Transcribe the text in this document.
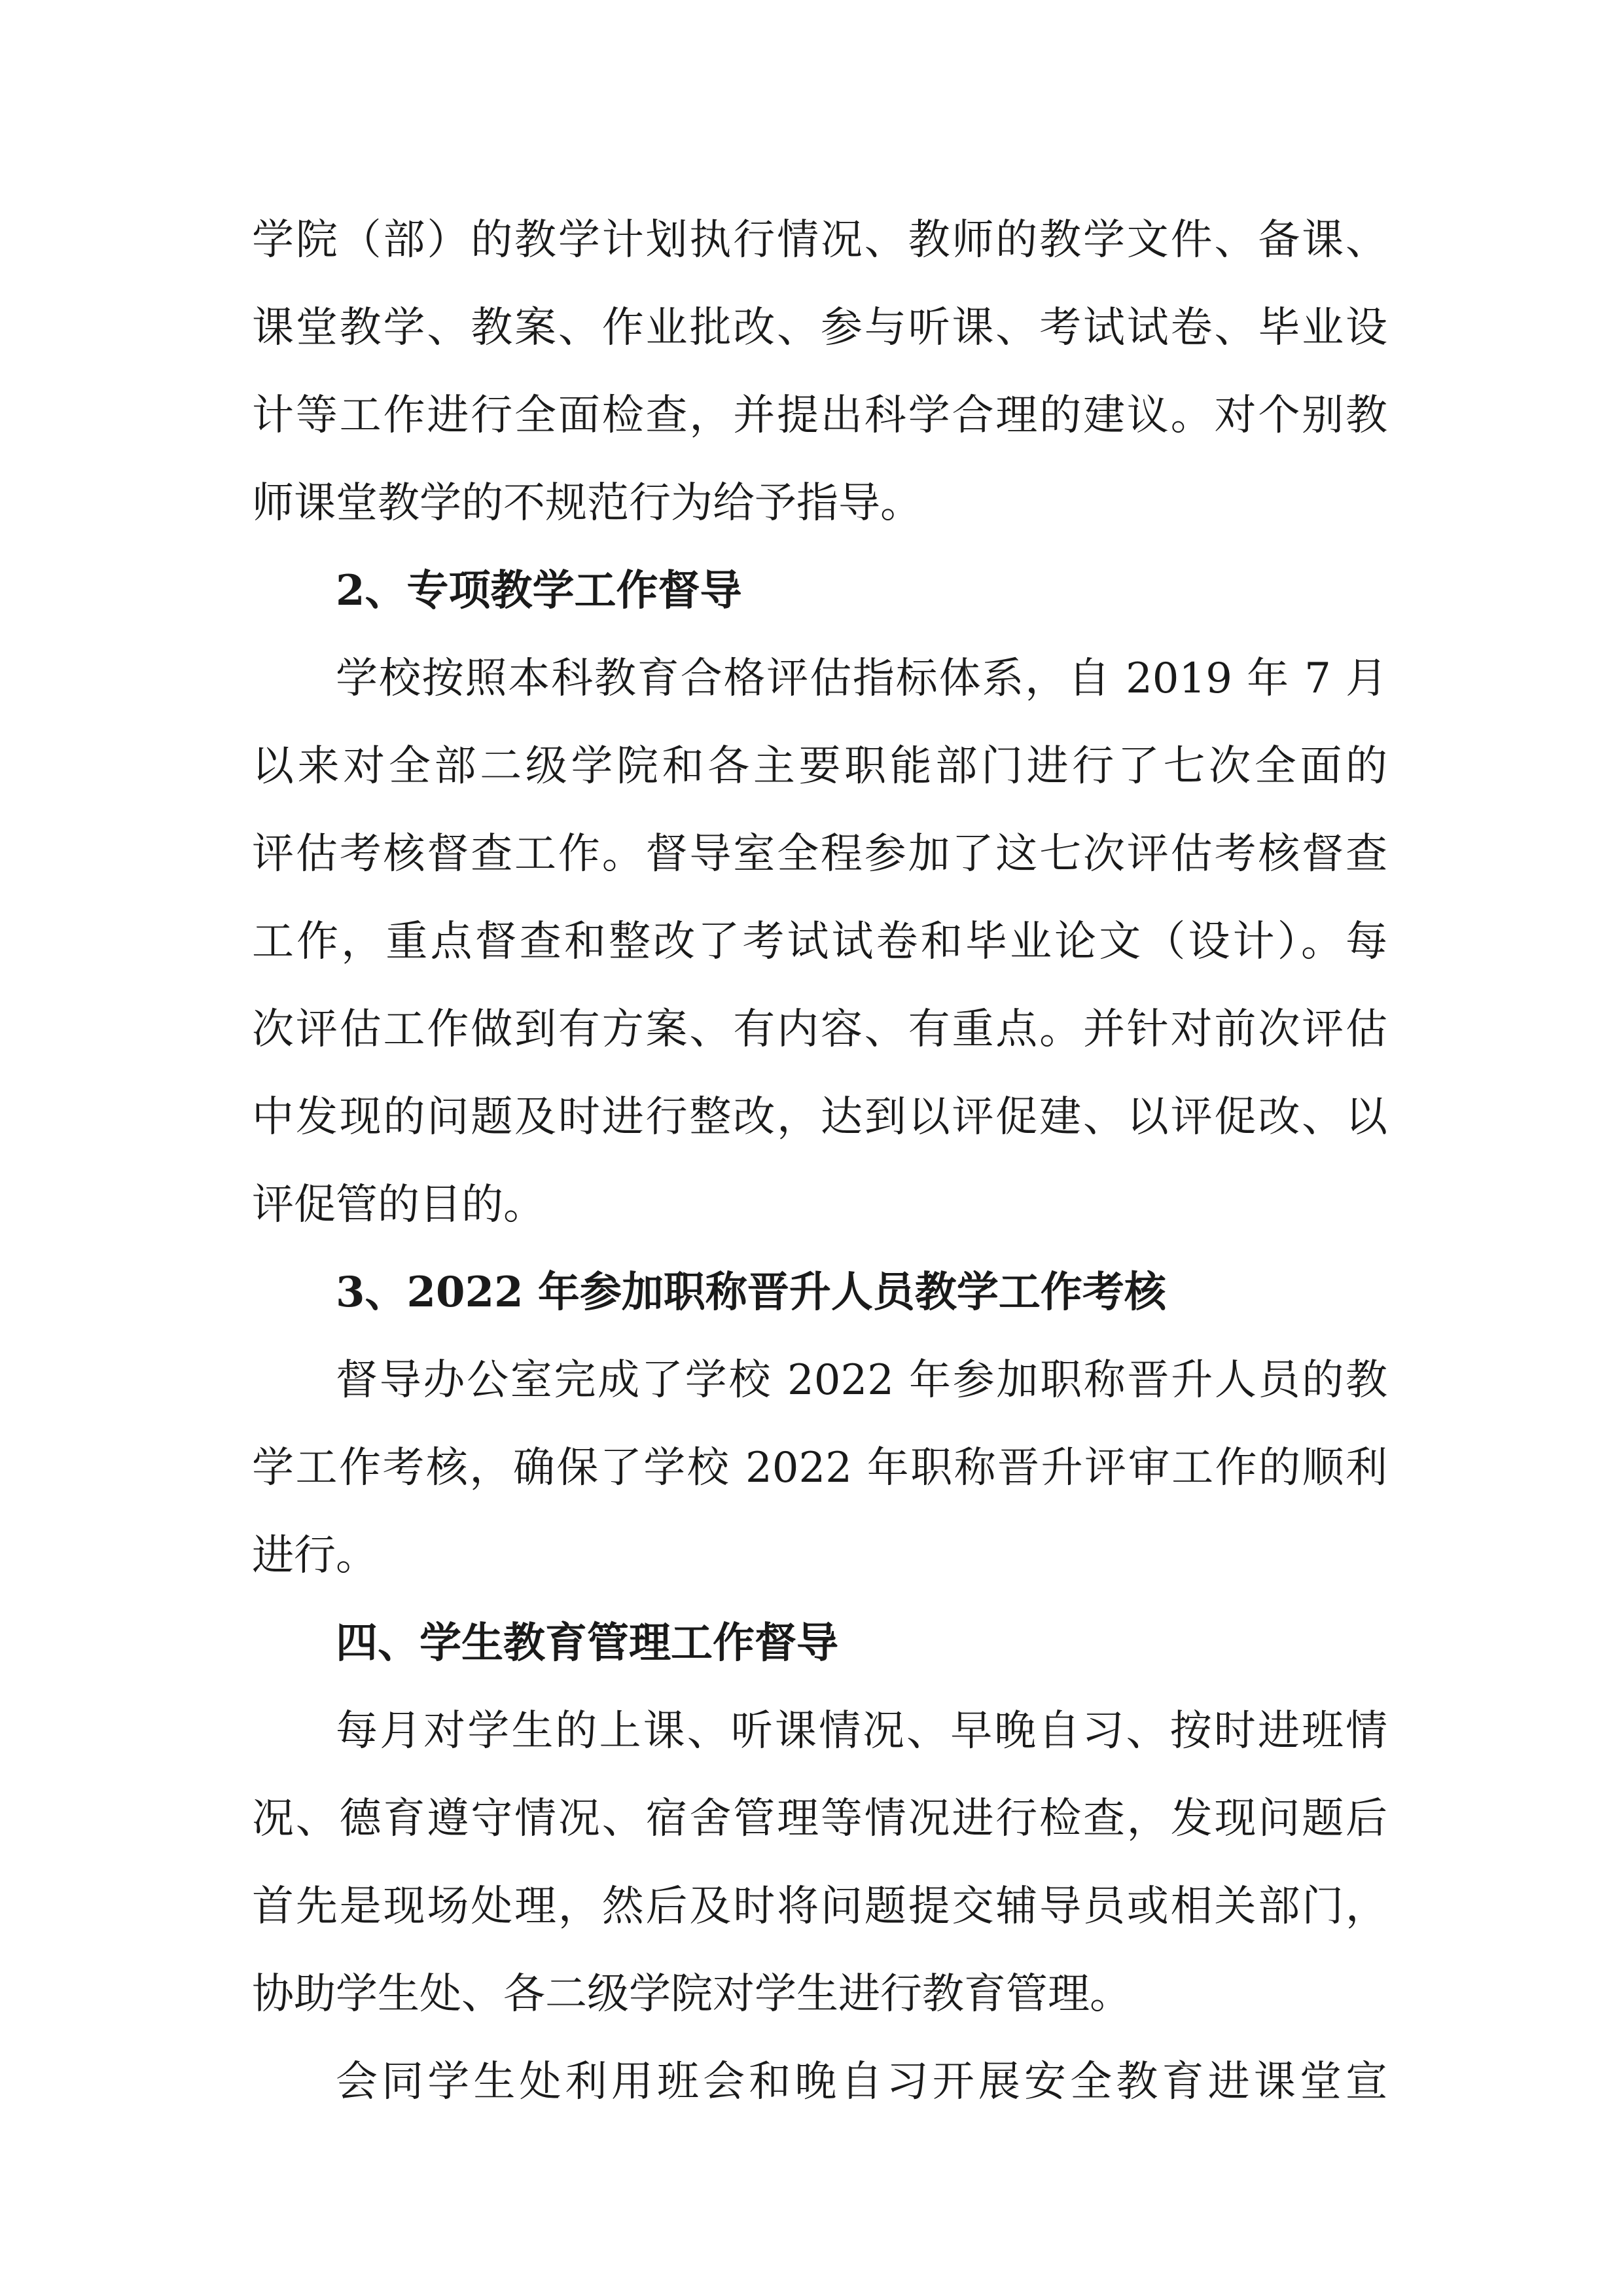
学院（部）的教学计划执行情况、教师的教学文件、备课、
课堂教学、教案、作业批改、参与听课、考试试卷、毕业设
计等工作进行全面检查，并提出科学合理的建议。对个别教
师课堂教学的不规范行为给予指导。
2、专项教学工作督导
学校按照本科教育合格评估指标体系，自 2019 年 7 月
以来对全部二级学院和各主要职能部门进行了七次全面的
评估考核督查工作。督导室全程参加了这七次评估考核督查
工作，重点督查和整改了考试试卷和毕业论文（设计）。每
次评估工作做到有方案、有内容、有重点。并针对前次评估
中发现的问题及时进行整改，达到以评促建、以评促改、以
评促管的目的。
3、2022 年参加职称晋升人员教学工作考核
督导办公室完成了学校 2022 年参加职称晋升人员的教
学工作考核，确保了学校 2022 年职称晋升评审工作的顺利
进行。
四、学生教育管理工作督导
每月对学生的上课、听课情况、早晚自习、按时进班情
况、德育遵守情况、宿舍管理等情况进行检查，发现问题后
首先是现场处理，然后及时将问题提交辅导员或相关部门，
协助学生处、各二级学院对学生进行教育管理。
会同学生处利用班会和晚自习开展安全教育进课堂宣
